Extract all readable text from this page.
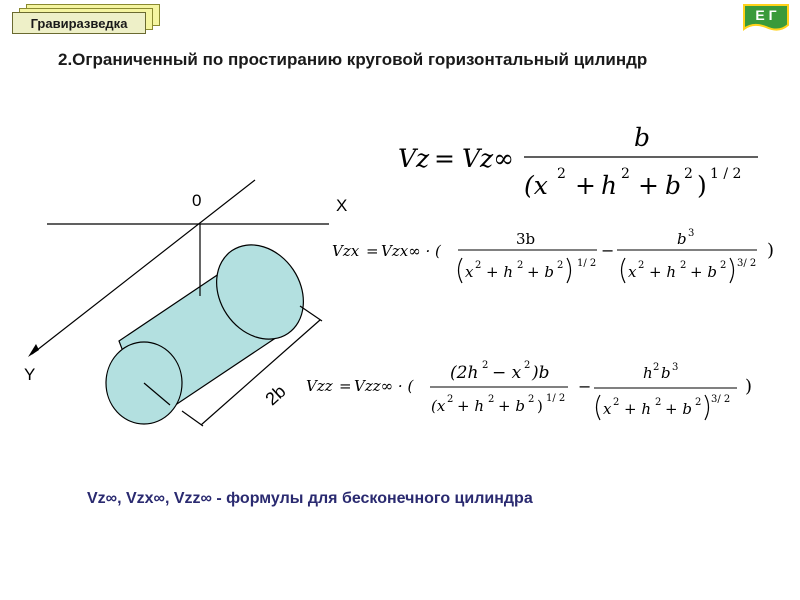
Гравиразведка	Е Г
2.Ограниченный по простиранию круговой горизонтальный цилиндр
0	X
Y
2b
Vz = Vz∞
b
(x 2 + h 2 + b 2 ) 1 / 2
Vzx = Vzx∞ · (
3b
x 2 + h 2 + b 2 1/ 2
−
b 3
x 2 + h 2 + b 2 3/ 2
)
Vzz = Vzz∞ · (
(2h 2 − x 2 )b
(x 2 + h 2 + b 2 ) 1/ 2
−
h 2 b 3
x 2 + h 2 + b 2 3/ 2
)
Vz∞, Vzx∞, Vzz∞ - формулы для бесконечного цилиндра
